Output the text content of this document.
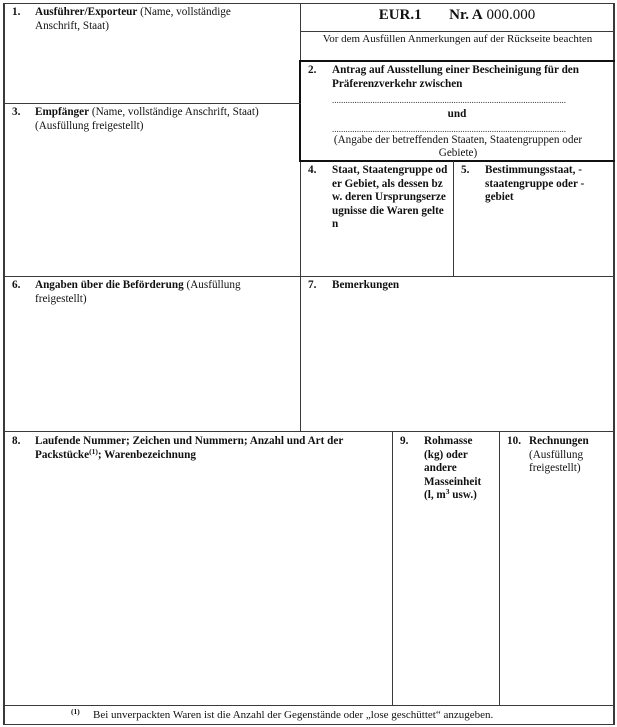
EUR.1 Nr. A 000.000
Vor dem Ausfüllen Anmerkungen auf der Rückseite beachten
1. Ausführer/Exporteur (Name, vollständige Anschrift, Staat)
2. Antrag auf Ausstellung einer Bescheinigung für den Präferenzverkehr zwischen
........................................................................................................
und
........................................................................................................
(Angabe der betreffenden Staaten, Staatengruppen oder Gebiete)
3. Empfänger (Name, vollständige Anschrift, Staat)
(Ausfüllung freigestellt)
4. Staat, Staatengruppe oder Gebiet, als dessen bzw. deren Ursprungserzeugnisse die Waren gelten
5. Bestimmungsstaat, -staatengruppe oder -gebiet
6. Angaben über die Beförderung (Ausfüllung freigestellt)
7. Bemerkungen
8. Laufende Nummer; Zeichen und Nummern; Anzahl und Art der Packstücke$^{(1)}$; Warenbezeichnung
9. Rohmasse (kg) oder andere Masseinheit (l, $m^3$ usw.)
10. Rechnungen
(Ausfüllung freigestellt)
(1) Bei unverpackten Waren ist die Anzahl der Gegenstände oder „lose geschüttet“ anzugeben.
